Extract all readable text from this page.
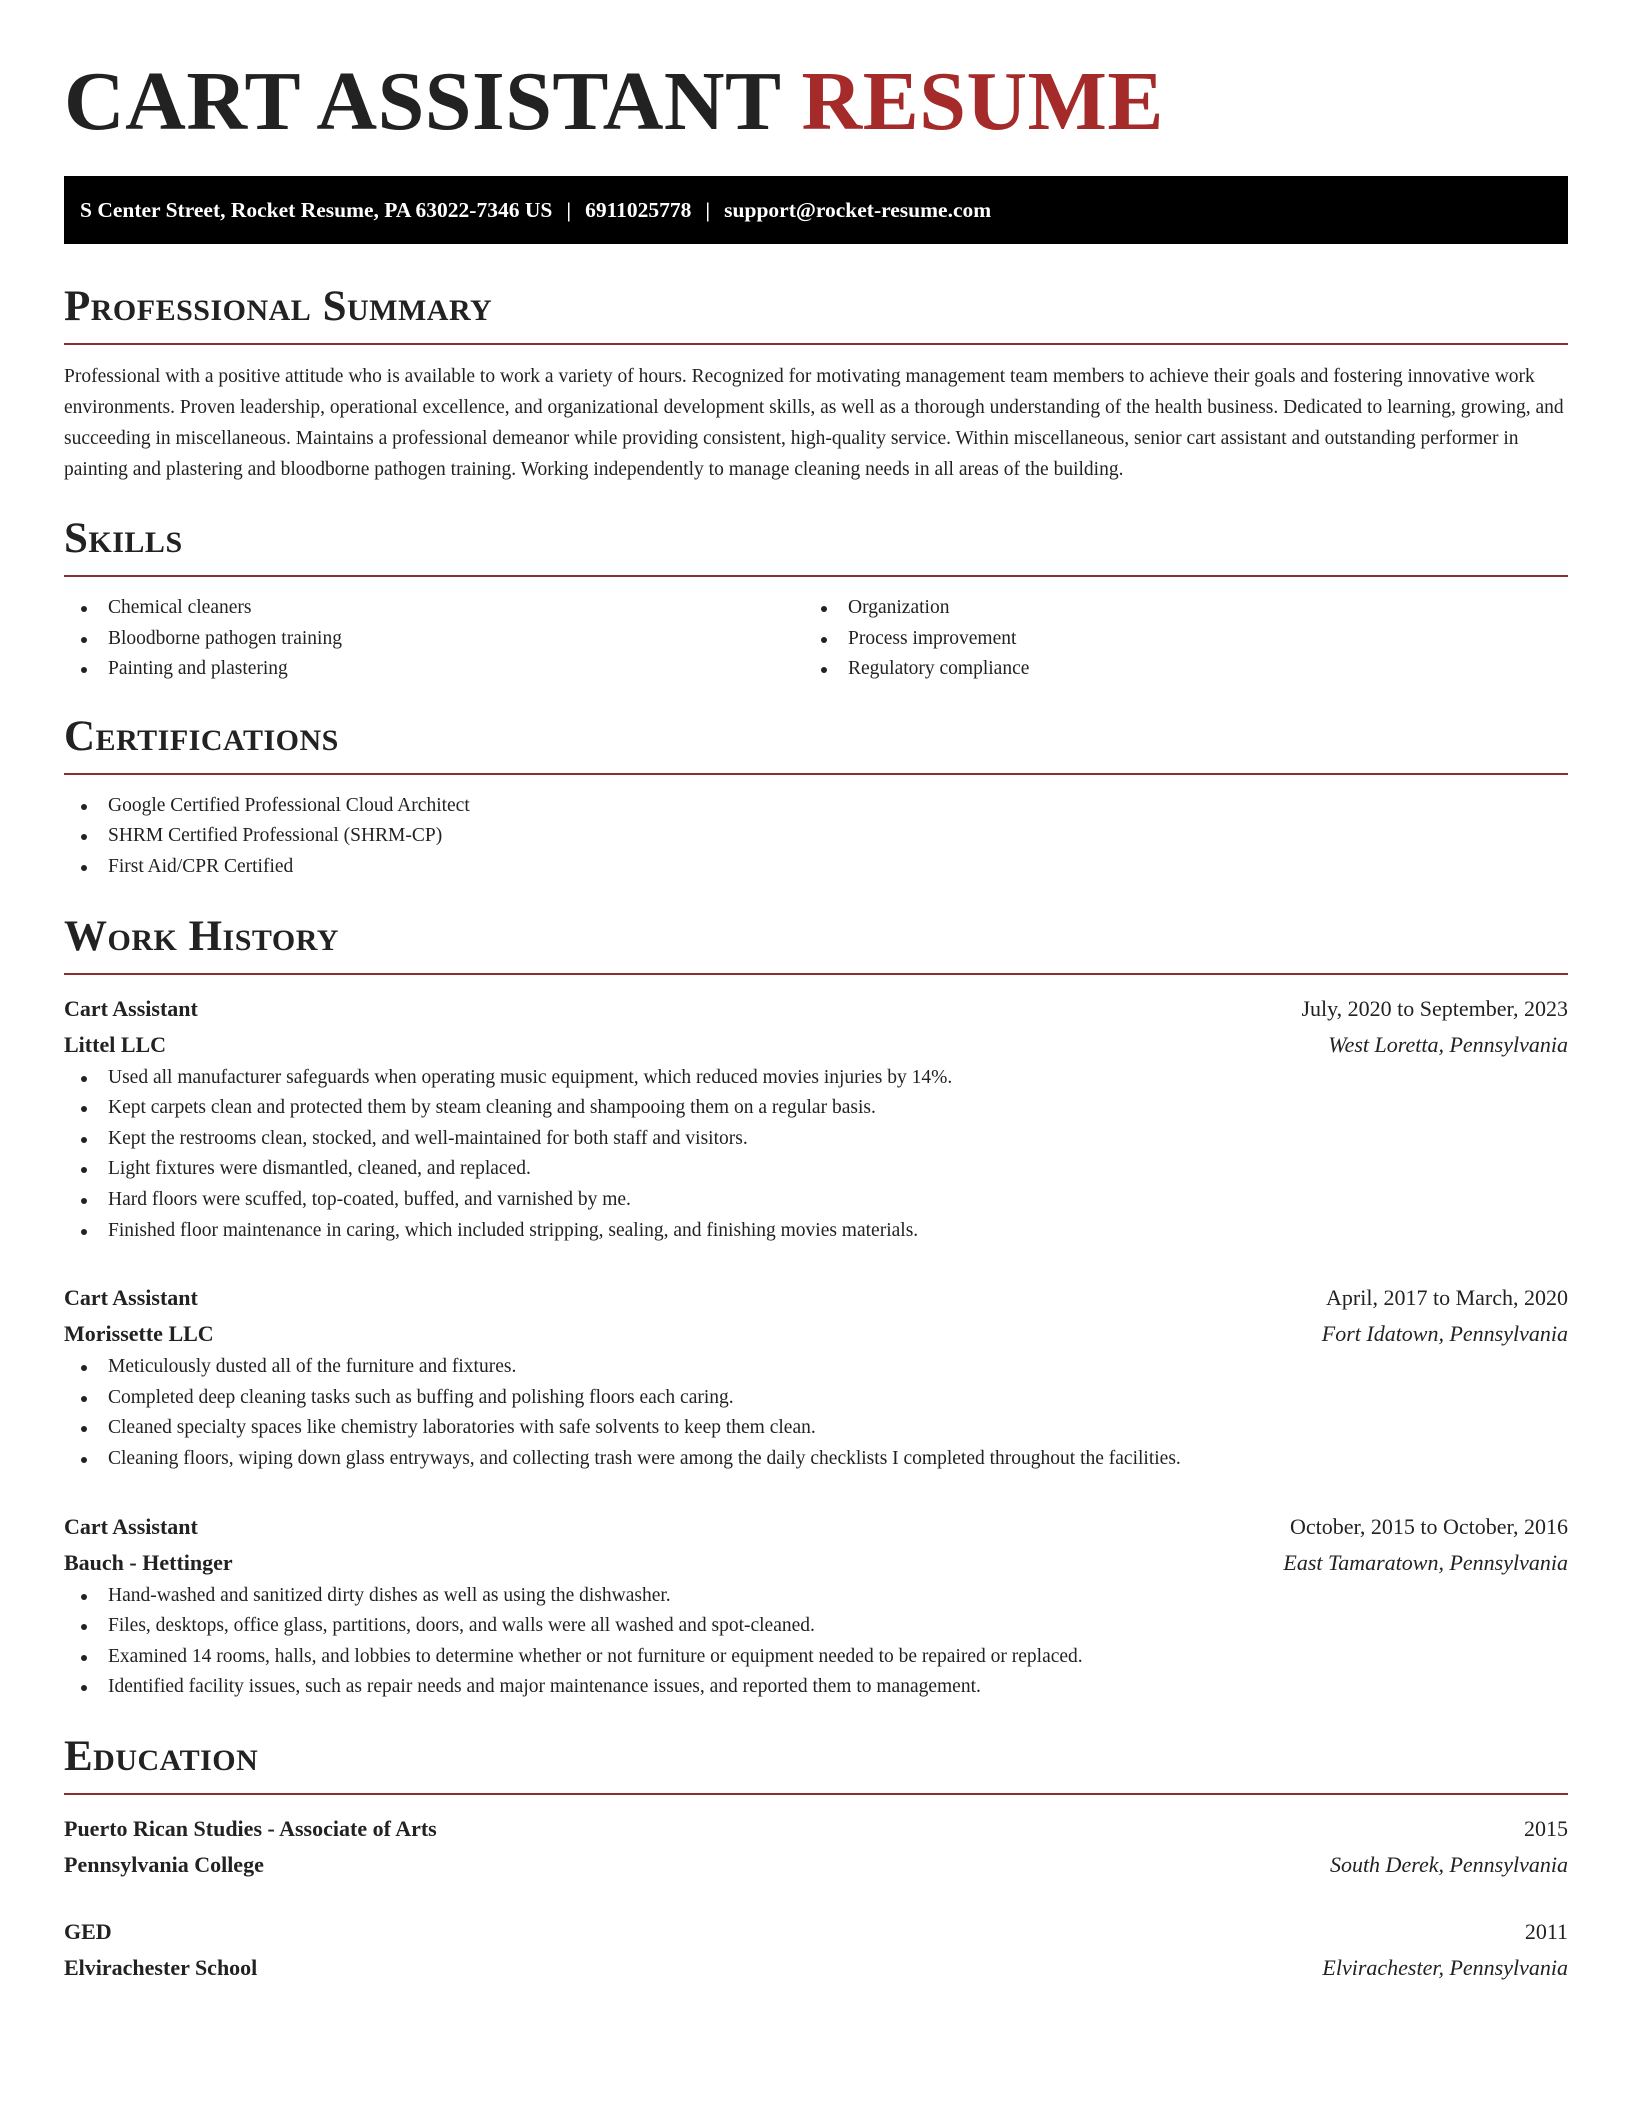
CART ASSISTANT RESUME
S Center Street, Rocket Resume, PA 63022-7346 US | 6911025778 | support@rocket-resume.com
Professional Summary

Professional with a positive attitude who is available to work a variety of hours. Recognized for motivating management team members to achieve their goals and fostering innovative work environments. Proven leadership, operational excellence, and organizational development skills, as well as a thorough understanding of the health business. Dedicated to learning, growing, and succeeding in miscellaneous. Maintains a professional demeanor while providing consistent, high-quality service. Within miscellaneous, senior cart assistant and outstanding performer in painting and plastering and bloodborne pathogen training. Working independently to manage cleaning needs in all areas of the building.

Skills
Chemical cleaners
Bloodborne pathogen training
Painting and plastering
Organization
Process improvement
Regulatory compliance
Certifications
Google Certified Professional Cloud Architect
SHRM Certified Professional (SHRM-CP)
First Aid/CPR Certified
Work History
Cart Assistant	July, 2020 to September, 2023
Littel LLC	West Loretta, Pennsylvania
Used all manufacturer safeguards when operating music equipment, which reduced movies injuries by 14%.
Kept carpets clean and protected them by steam cleaning and shampooing them on a regular basis.
Kept the restrooms clean, stocked, and well-maintained for both staff and visitors.
Light fixtures were dismantled, cleaned, and replaced.
Hard floors were scuffed, top-coated, buffed, and varnished by me.
Finished floor maintenance in caring, which included stripping, sealing, and finishing movies materials.
Cart Assistant	April, 2017 to March, 2020
Morissette LLC	Fort Idatown, Pennsylvania
Meticulously dusted all of the furniture and fixtures.
Completed deep cleaning tasks such as buffing and polishing floors each caring.
Cleaned specialty spaces like chemistry laboratories with safe solvents to keep them clean.
Cleaning floors, wiping down glass entryways, and collecting trash were among the daily checklists I completed throughout the facilities.
Cart Assistant	October, 2015 to October, 2016
Bauch - Hettinger	East Tamaratown, Pennsylvania
Hand-washed and sanitized dirty dishes as well as using the dishwasher.
Files, desktops, office glass, partitions, doors, and walls were all washed and spot-cleaned.
Examined 14 rooms, halls, and lobbies to determine whether or not furniture or equipment needed to be repaired or replaced.
Identified facility issues, such as repair needs and major maintenance issues, and reported them to management.
Education
Puerto Rican Studies - Associate of Arts	2015
Pennsylvania College	South Derek, Pennsylvania
GED	2011
Elvirachester School	Elvirachester, Pennsylvania
